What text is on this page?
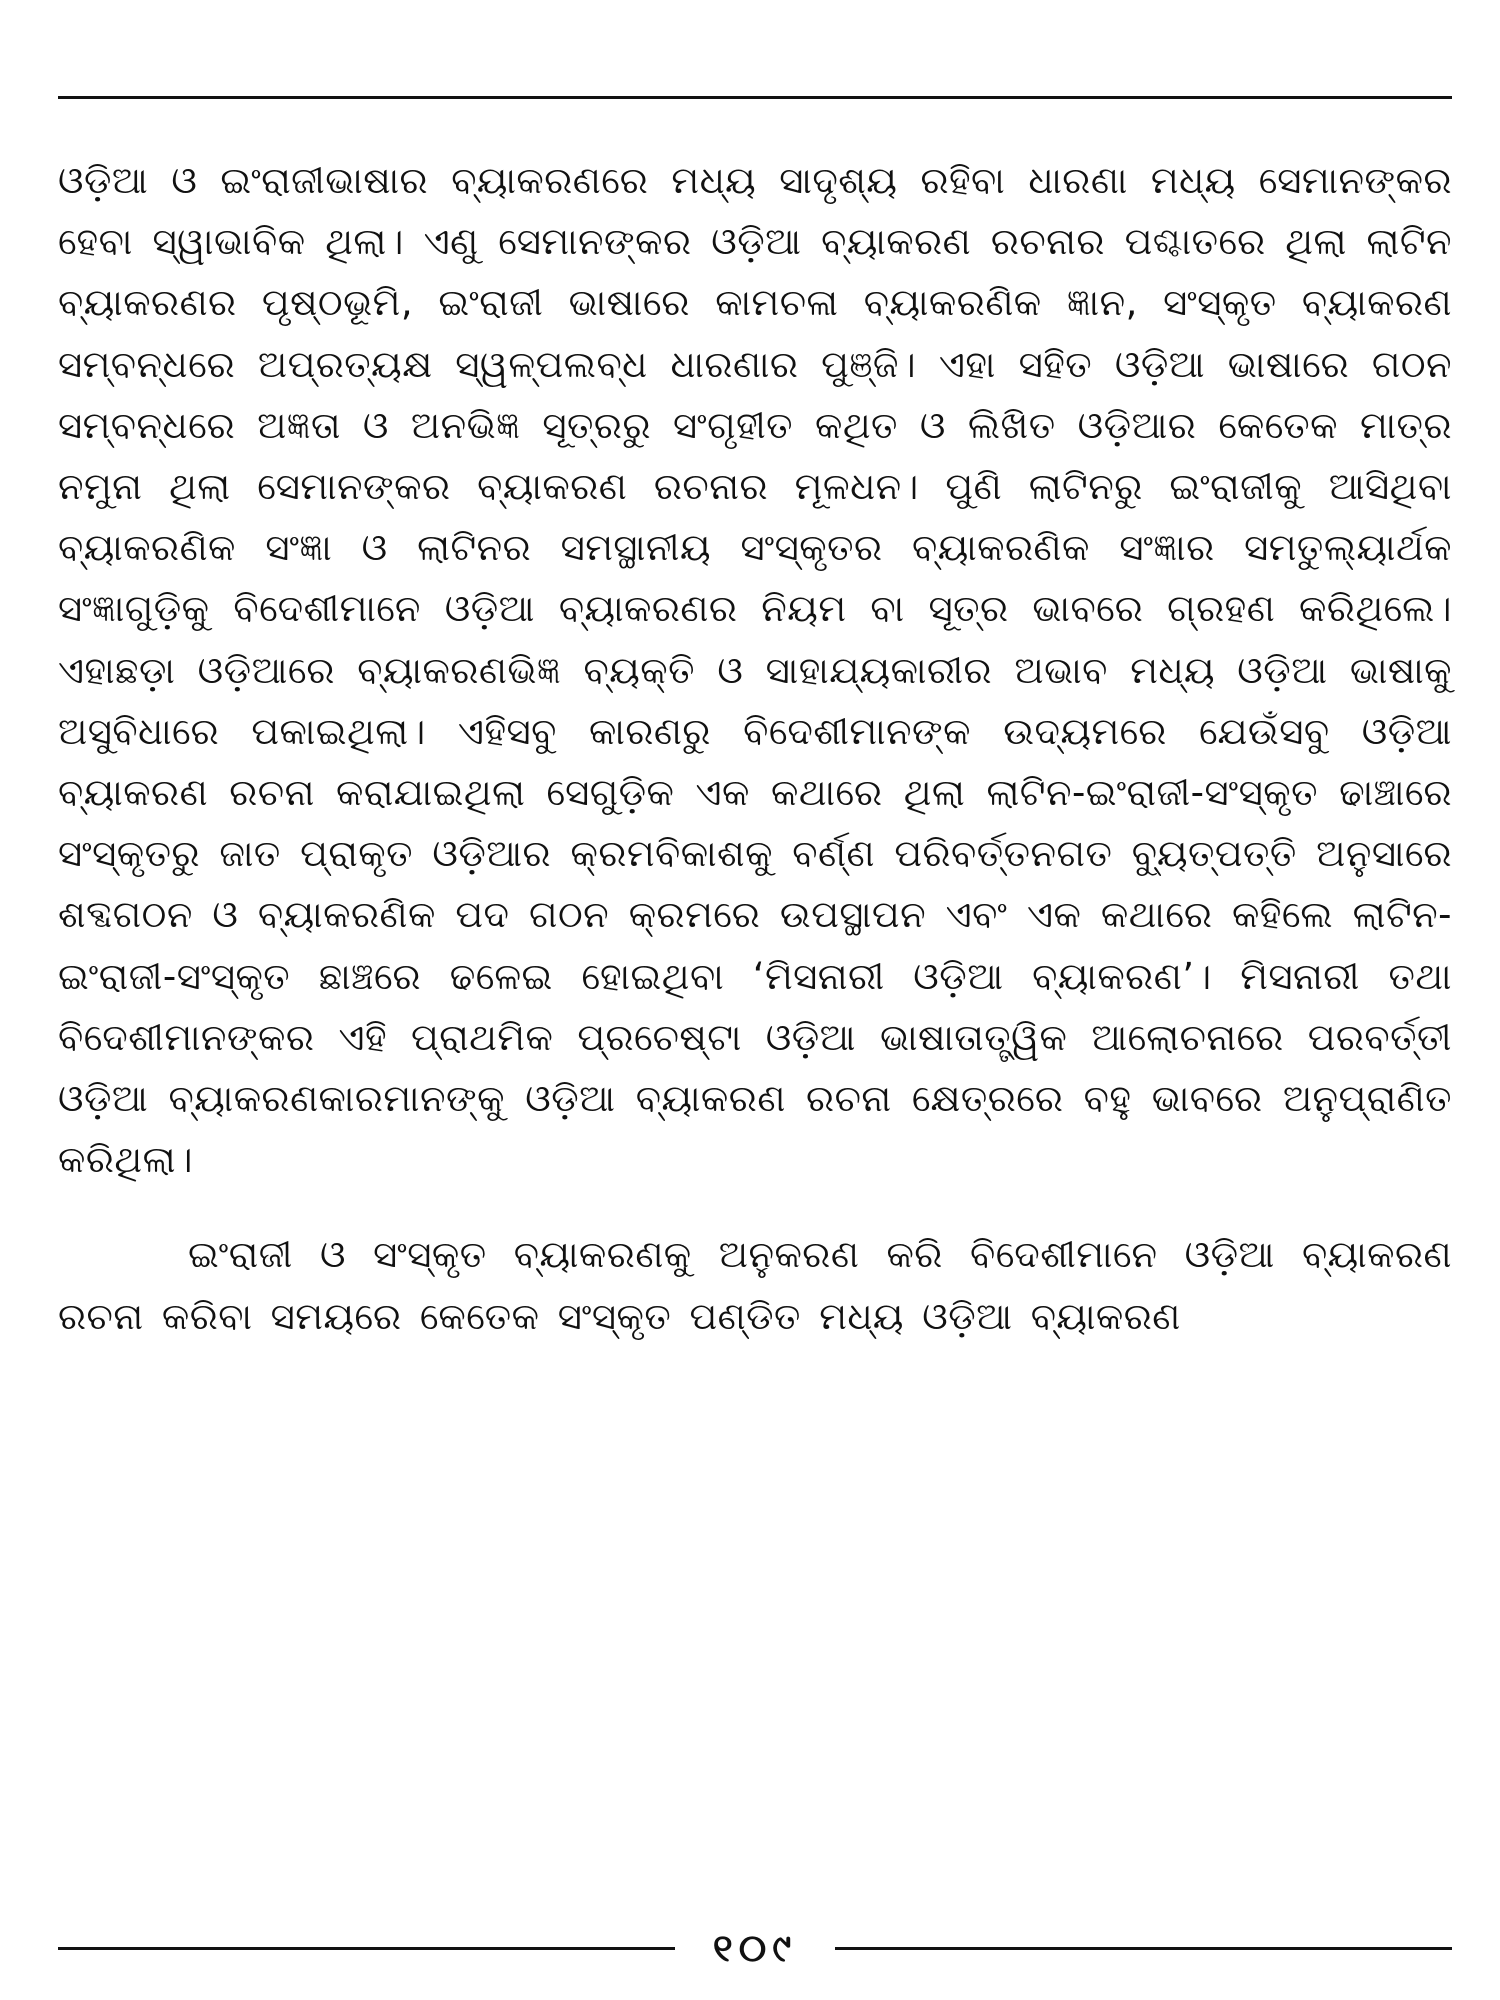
ଓଡ଼ିଆ ଓ ଇଂରାଜୀଭାଷାର ବ୍ୟାକରଣରେ ମଧ୍ୟ ସାଦୃଶ୍ୟ ରହିବା ଧାରଣା ମଧ୍ୟ ସେମାନଙ୍କର ହେବା ସ୍ୱାଭାବିକ ଥିଲା। ଏଣୁ ସେମାନଙ୍କର ଓଡ଼ିଆ ବ୍ୟାକରଣ ରଚନାର ପଶ୍ଚାତରେ ଥିଲା ଲାଟିନ ବ୍ୟାକରଣର ପୃଷ୍ଠଭୂମି, ଇଂରାଜୀ ଭାଷାରେ କାମଚଳା ବ୍ୟାକରଣିକ ଜ୍ଞାନ, ସଂସ୍କୃତ ବ୍ୟାକରଣ ସମ୍ବନ୍ଧରେ ଅପ୍ରତ୍ୟକ୍ଷ ସ୍ୱଳ୍ପଲବ୍ଧ ଧାରଣାର ପୁଞ୍ଜି। ଏହା ସହିତ ଓଡ଼ିଆ ଭାଷାରେ ଗଠନ ସମ୍ବନ୍ଧରେ ଅଜ୍ଞତା ଓ ଅନଭିଜ୍ଞ ସୂତ୍ରରୁ ସଂଗୃହୀତ କଥିତ ଓ ଲିଖିତ ଓଡ଼ିଆର କେତେକ ମାତ୍ର ନମୁନା ଥିଲା ସେମାନଙ୍କର ବ୍ୟାକରଣ ରଚନାର ମୂଳଧନ। ପୁଣି ଲାଟିନରୁ ଇଂରାଜୀକୁ ଆସିଥିବା ବ୍ୟାକରଣିକ ସଂଜ୍ଞା ଓ ଲାଟିନର ସମସ୍ଥାନୀୟ ସଂସ୍କୃତର ବ୍ୟାକରଣିକ ସଂଜ୍ଞାର ସମତୁଲ୍ୟାର୍ଥକ ସଂଜ୍ଞାଗୁଡ଼ିକୁ ବିଦେଶୀମାନେ ଓଡ଼ିଆ ବ୍ୟାକରଣର ନିୟମ ବା ସୂତ୍ର ଭାବରେ ଗ୍ରହଣ କରିଥିଲେ। ଏହାଛଡ଼ା ଓଡ଼ିଆରେ ବ୍ୟାକରଣଭିଜ୍ଞ ବ୍ୟକ୍ତି ଓ ସାହାଯ୍ୟକାରୀର ଅଭାବ ମଧ୍ୟ ଓଡ଼ିଆ ଭାଷାକୁ ଅସୁବିଧାରେ ପକାଇଥିଲା। ଏହିସବୁ କାରଣରୁ ବିଦେଶୀମାନଙ୍କ ଉଦ୍ୟମରେ ଯେଉଁସବୁ ଓଡ଼ିଆ ବ୍ୟାକରଣ ରଚନା କରାଯାଇଥିଲା ସେଗୁଡ଼ିକ ଏକ କଥାରେ ଥିଲା ଲାଟିନ-ଇଂରାଜୀ-ସଂସ୍କୃତ ଢାଞ୍ଚାରେ ସଂସ୍କୃତରୁ ଜାତ ପ୍ରାକୃତ ଓଡ଼ିଆର କ୍ରମବିକାଶକୁ ବର୍ଣ୍ଣ ପରିବର୍ତ୍ତନଗତ ବ୍ୟୁତ୍ପତ୍ତି ଅନୁସାରେ ଶବ୍ଦଗଠନ ଓ ବ୍ୟାକରଣିକ ପଦ ଗଠନ କ୍ରମରେ ଉପସ୍ଥାପନ ଏବଂ ଏକ କଥାରେ କହିଲେ ଲାଟିନ-ଇଂରାଜୀ-ସଂସ୍କୃତ ଛାଞ୍ଚରେ ଢଳେଇ ହୋଇଥିବା ‘ମିସନାରୀ ଓଡ଼ିଆ ବ୍ୟାକରଣ’। ମିସନାରୀ ତଥା ବିଦେଶୀମାନଙ୍କର ଏହି ପ୍ରାଥମିକ ପ୍ରଚେଷ୍ଟା ଓଡ଼ିଆ ଭାଷାତାତ୍ତ୍ୱିକ ଆଲୋଚନାରେ ପରବର୍ତ୍ତୀ ଓଡ଼ିଆ ବ୍ୟାକରଣକାରମାନଙ୍କୁ ଓଡ଼ିଆ ବ୍ୟାକରଣ ରଚନା କ୍ଷେତ୍ରରେ ବହୁ ଭାବରେ ଅନୁପ୍ରାଣିତ କରିଥିଲା।

ଇଂରାଜୀ ଓ ସଂସ୍କୃତ ବ୍ୟାକରଣକୁ ଅନୁକରଣ କରି ବିଦେଶୀମାନେ ଓଡ଼ିଆ ବ୍ୟାକରଣ ରଚନା କରିବା ସମୟରେ କେତେକ ସଂସ୍କୃତ ପଣ୍ଡିତ ମଧ୍ୟ ଓଡ଼ିଆ ବ୍ୟାକରଣ

୧୦୯
